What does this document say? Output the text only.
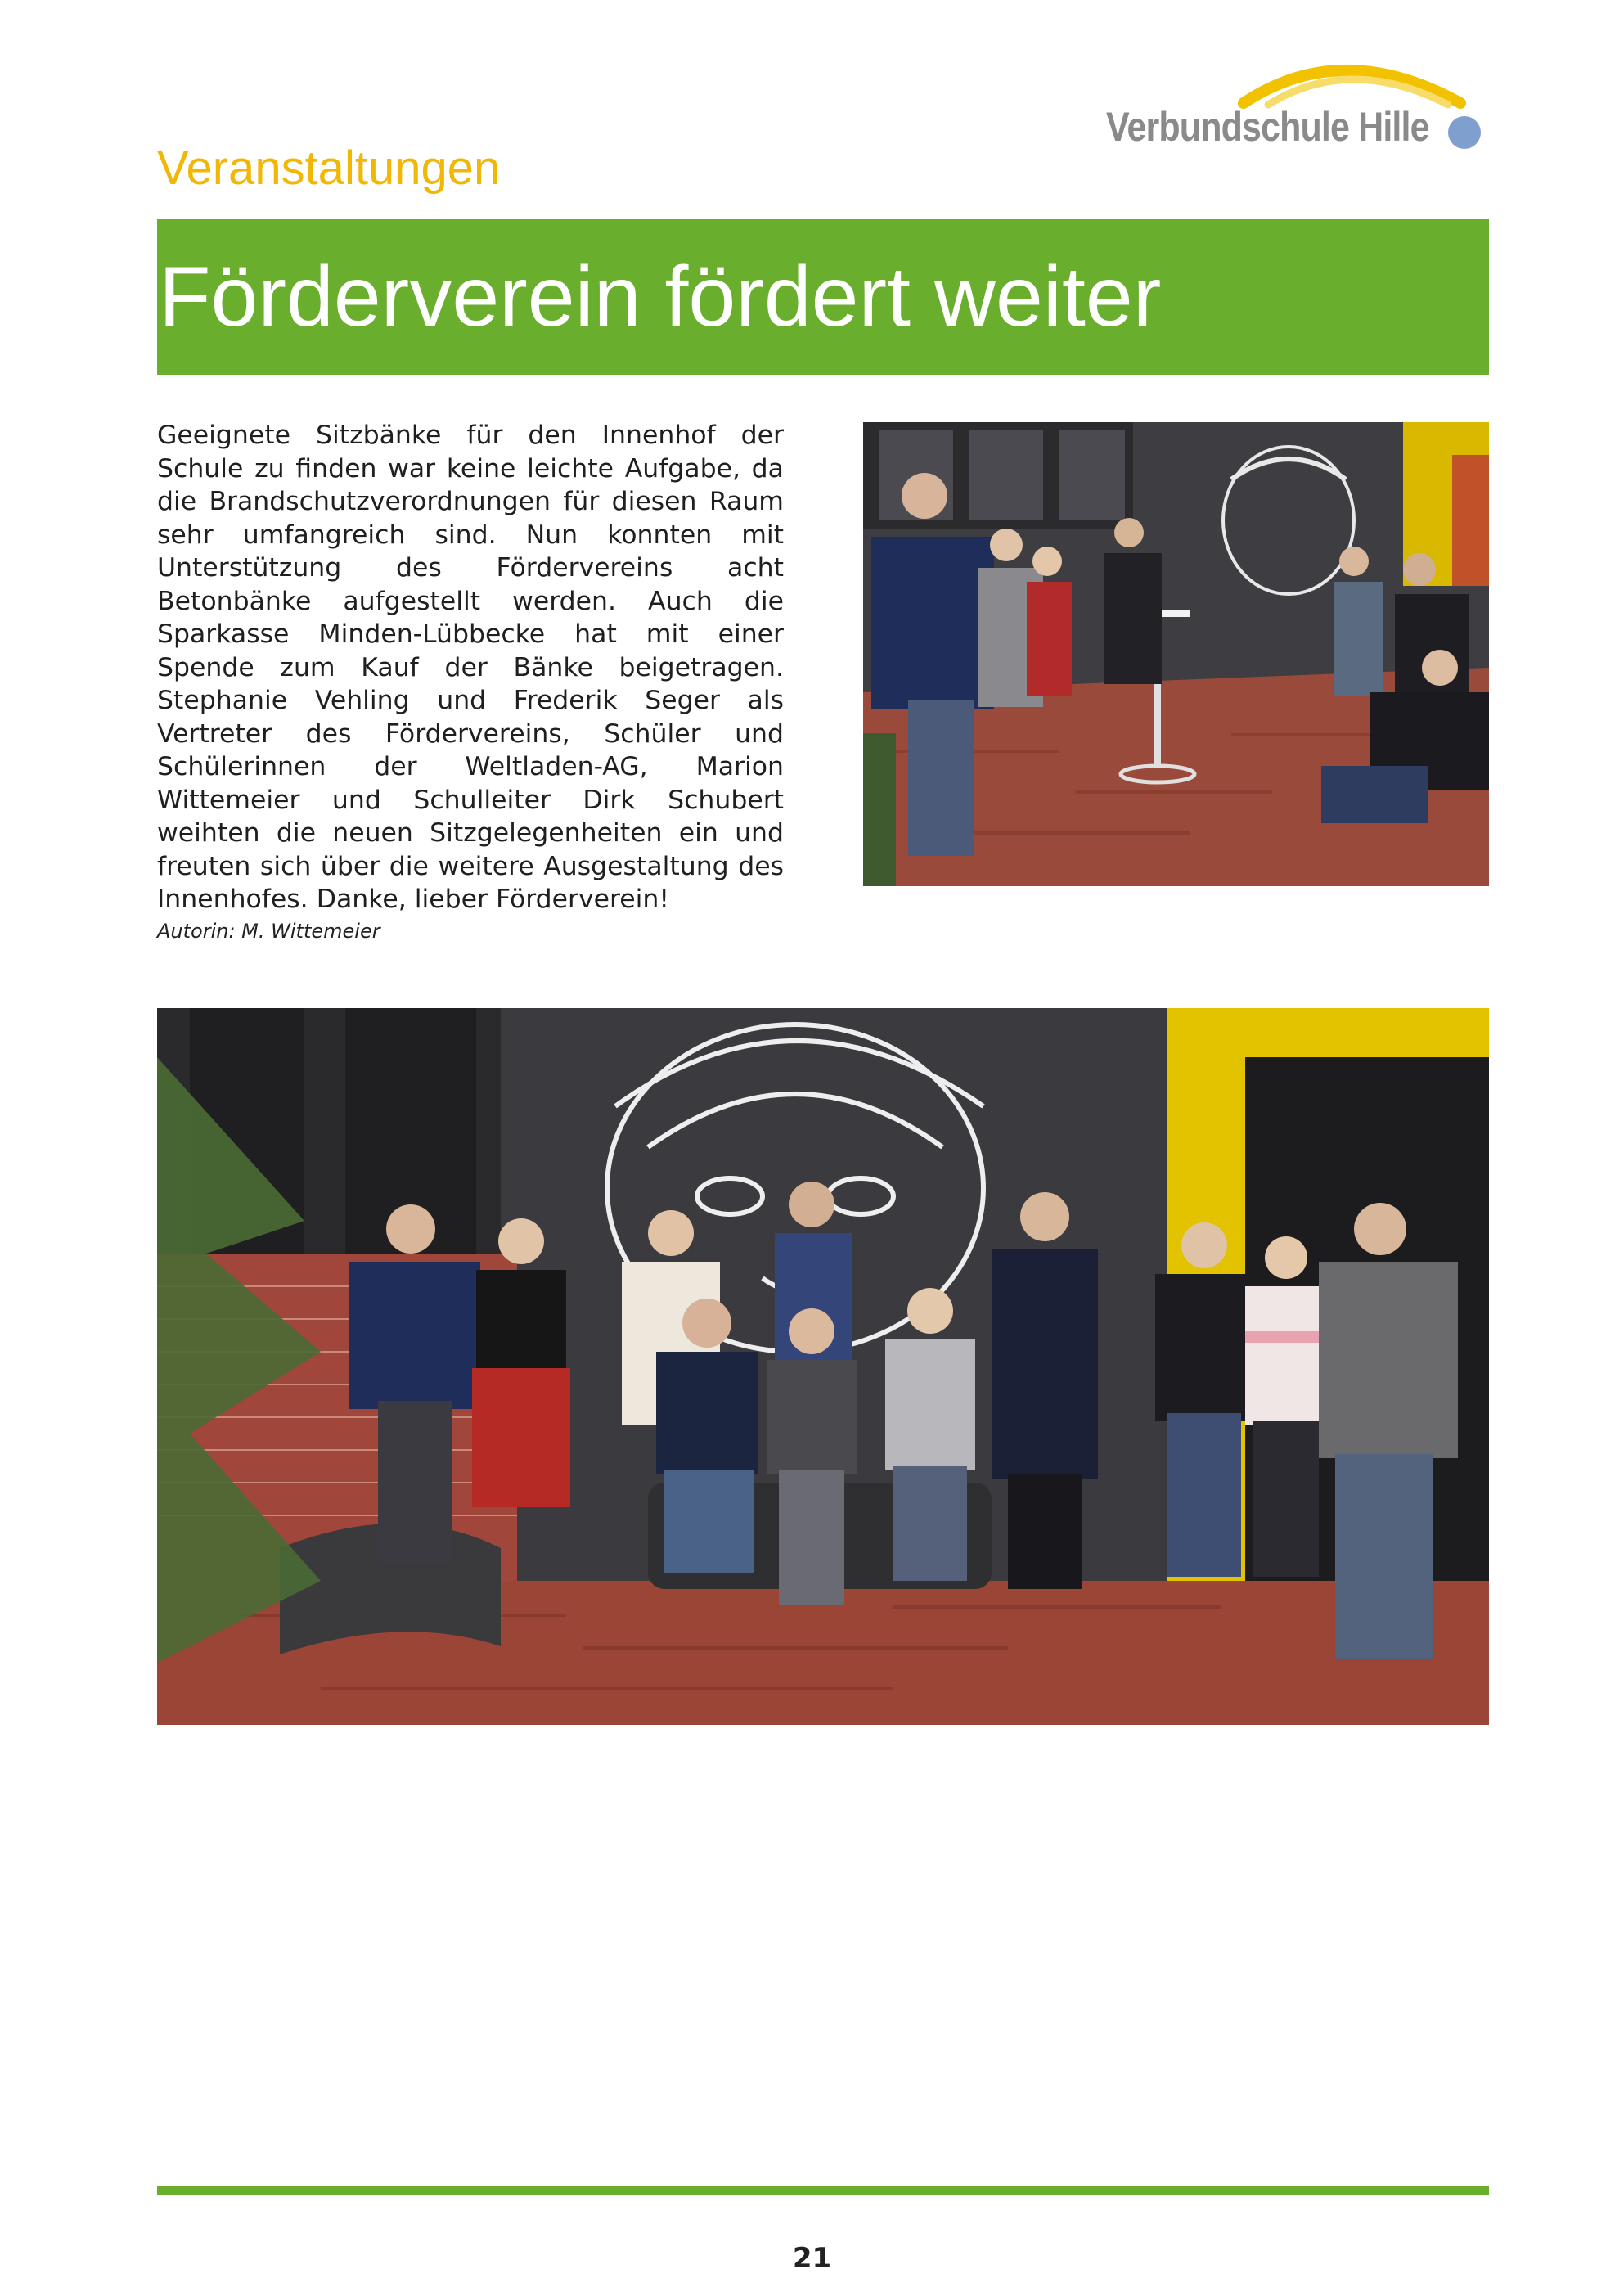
Verbundschule Hille
Veranstaltungen
Förderverein fördert weiter

Geeignete Sitzbänke für den Innenhof der Schule zu finden war keine leichte Aufgabe, da die Brandschutzverordnungen für diesen Raum sehr umfangreich sind. Nun konnten mit Unterstützung des Fördervereins acht Betonbänke aufgestellt werden. Auch die Sparkasse Minden-Lübbecke hat mit einer Spende zum Kauf der Bänke beigetragen. Stephanie Vehling und Frederik Seger als Vertreter des Fördervereins, Schüler und Schülerinnen der Weltladen-AG, Marion Wittemeier und Schulleiter Dirk Schubert weihten die neuen Sitzgelegenheiten ein und freuten sich über die weitere Ausgestaltung des Innenhofes. Danke, lieber Förderverein!

Autorin: M. Wittemeier
21
